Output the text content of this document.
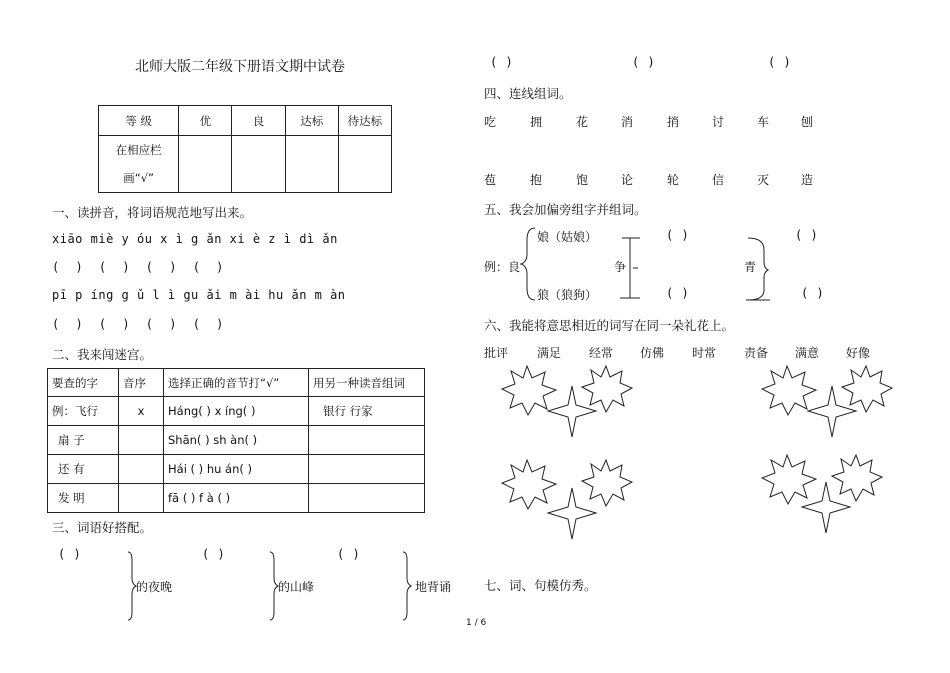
北师大版二年级下册语文期中试卷
等 级	优	良	达标	待达标

在相应栏
画“√”				

一、读拼音，将词语规范地写出来。
xiāo miè y óu x ì g ǎn xi è z ì dì ǎn
( ) ( ) ( ) ( )
pī p íng g ǔ l ì gu ǎi m ài hu ǎn m àn
( ) ( ) ( ) ( )
二、我来闯迷宫。
要查的字	音序	选择正确的音节打“√”	用另一种读音组词
例：飞行	x	Háng( ) x íng( )	银行 行家
扇 子		Shān( ) sh àn( )	
还 有		Hái ( ) hu án( )	
发 明		fā ( ) f à ( )	
三、词语好搭配。
( )	( )	( )
的夜晚	的山峰	地背诵
1 / 6
( )	( )	( )
四、连线组词。
吃	拥	花	消	捎	讨	车	刨
苞	抱	饱	论	轮	信	灭	造
五、我会加偏旁组字并组词。
例：良
娘（姑娘）
狼（狼狗）
争	青
( )
( )
( )
( )
六、我能将意思相近的词写在同一朵礼花上。
批评 满足 经常 仿佛 时常 责备 满意 好像
七、词、句模仿秀。
